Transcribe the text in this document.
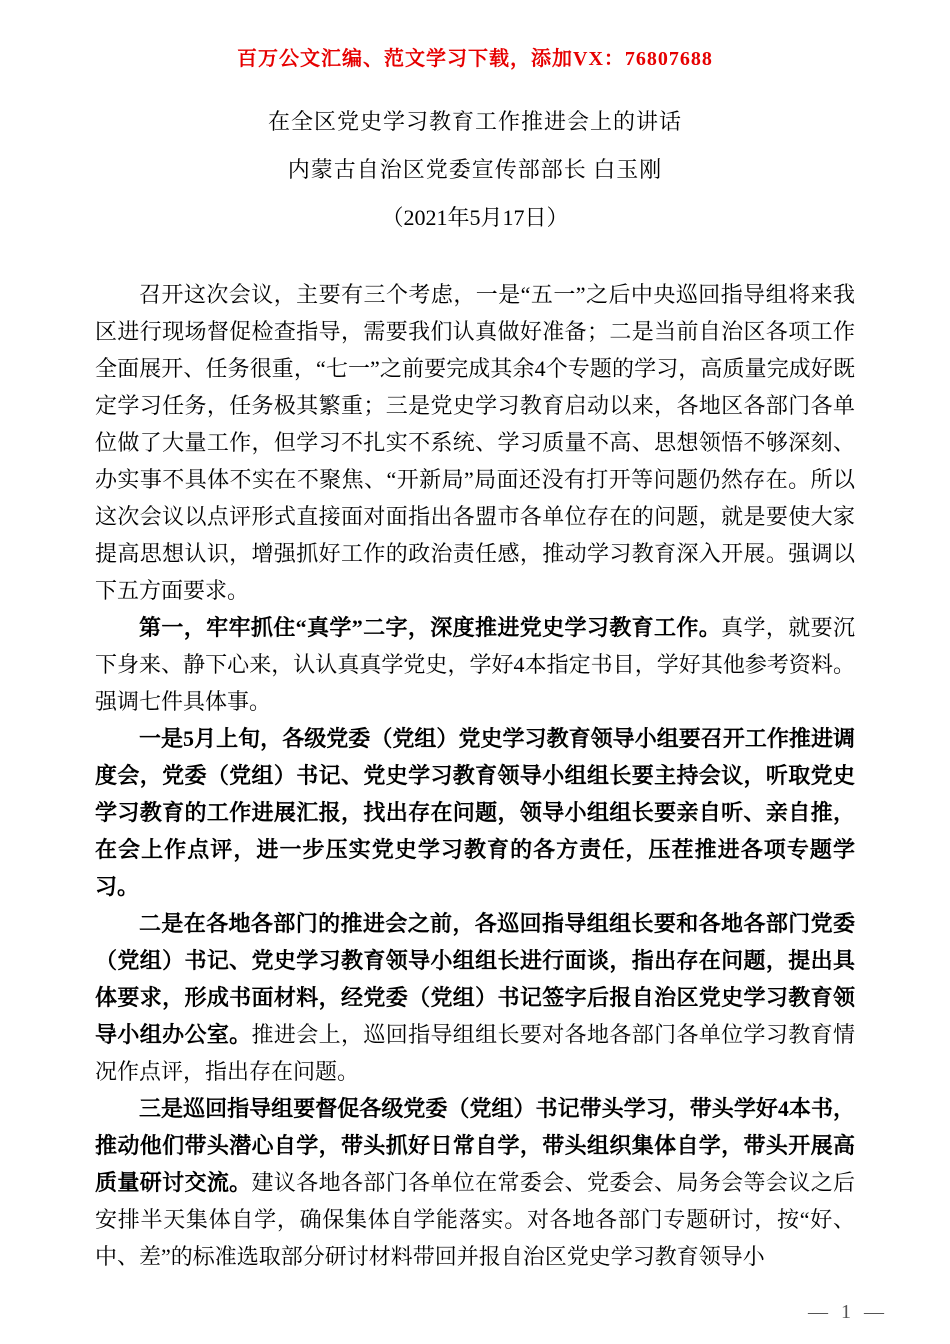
百万公文汇编、范文学习下载，添加VX：76807688
在全区党史学习教育工作推进会上的讲话
内蒙古自治区党委宣传部部长 白玉刚
（2021年5月17日）

召开这次会议，主要有三个考虑，一是“五一”之后中央巡回指导组将来我区进行现场督促检查指导，需要我们认真做好准备；二是当前自治区各项工作全面展开、任务很重，“七一”之前要完成其余4个专题的学习，高质量完成好既定学习任务，任务极其繁重；三是党史学习教育启动以来，各地区各部门各单位做了大量工作，但学习不扎实不系统、学习质量不高、思想领悟不够深刻、办实事不具体不实在不聚焦、“开新局”局面还没有打开等问题仍然存在。所以这次会议以点评形式直接面对面指出各盟市各单位存在的问题，就是要使大家提高思想认识，增强抓好工作的政治责任感，推动学习教育深入开展。强调以下五方面要求。

第一，牢牢抓住“真学”二字，深度推进党史学习教育工作。真学，就要沉下身来、静下心来，认认真真学党史，学好4本指定书目，学好其他参考资料。强调七件具体事。

一是5月上旬，各级党委（党组）党史学习教育领导小组要召开工作推进调度会，党委（党组）书记、党史学习教育领导小组组长要主持会议，听取党史学习教育的工作进展汇报，找出存在问题，领导小组组长要亲自听、亲自推，在会上作点评，进一步压实党史学习教育的各方责任，压茬推进各项专题学习。

二是在各地各部门的推进会之前，各巡回指导组组长要和各地各部门党委（党组）书记、党史学习教育领导小组组长进行面谈，指出存在问题，提出具体要求，形成书面材料，经党委（党组）书记签字后报自治区党史学习教育领导小组办公室。推进会上，巡回指导组组长要对各地各部门各单位学习教育情况作点评，指出存在问题。

三是巡回指导组要督促各级党委（党组）书记带头学习，带头学好4本书，推动他们带头潜心自学，带头抓好日常自学，带头组织集体自学，带头开展高质量研讨交流。建议各地各部门各单位在常委会、党委会、局务会等会议之后安排半天集体自学，确保集体自学能落实。对各地各部门专题研讨，按“好、中、差”的标准选取部分研讨材料带回并报自治区党史学习教育领导小

— 1 —
